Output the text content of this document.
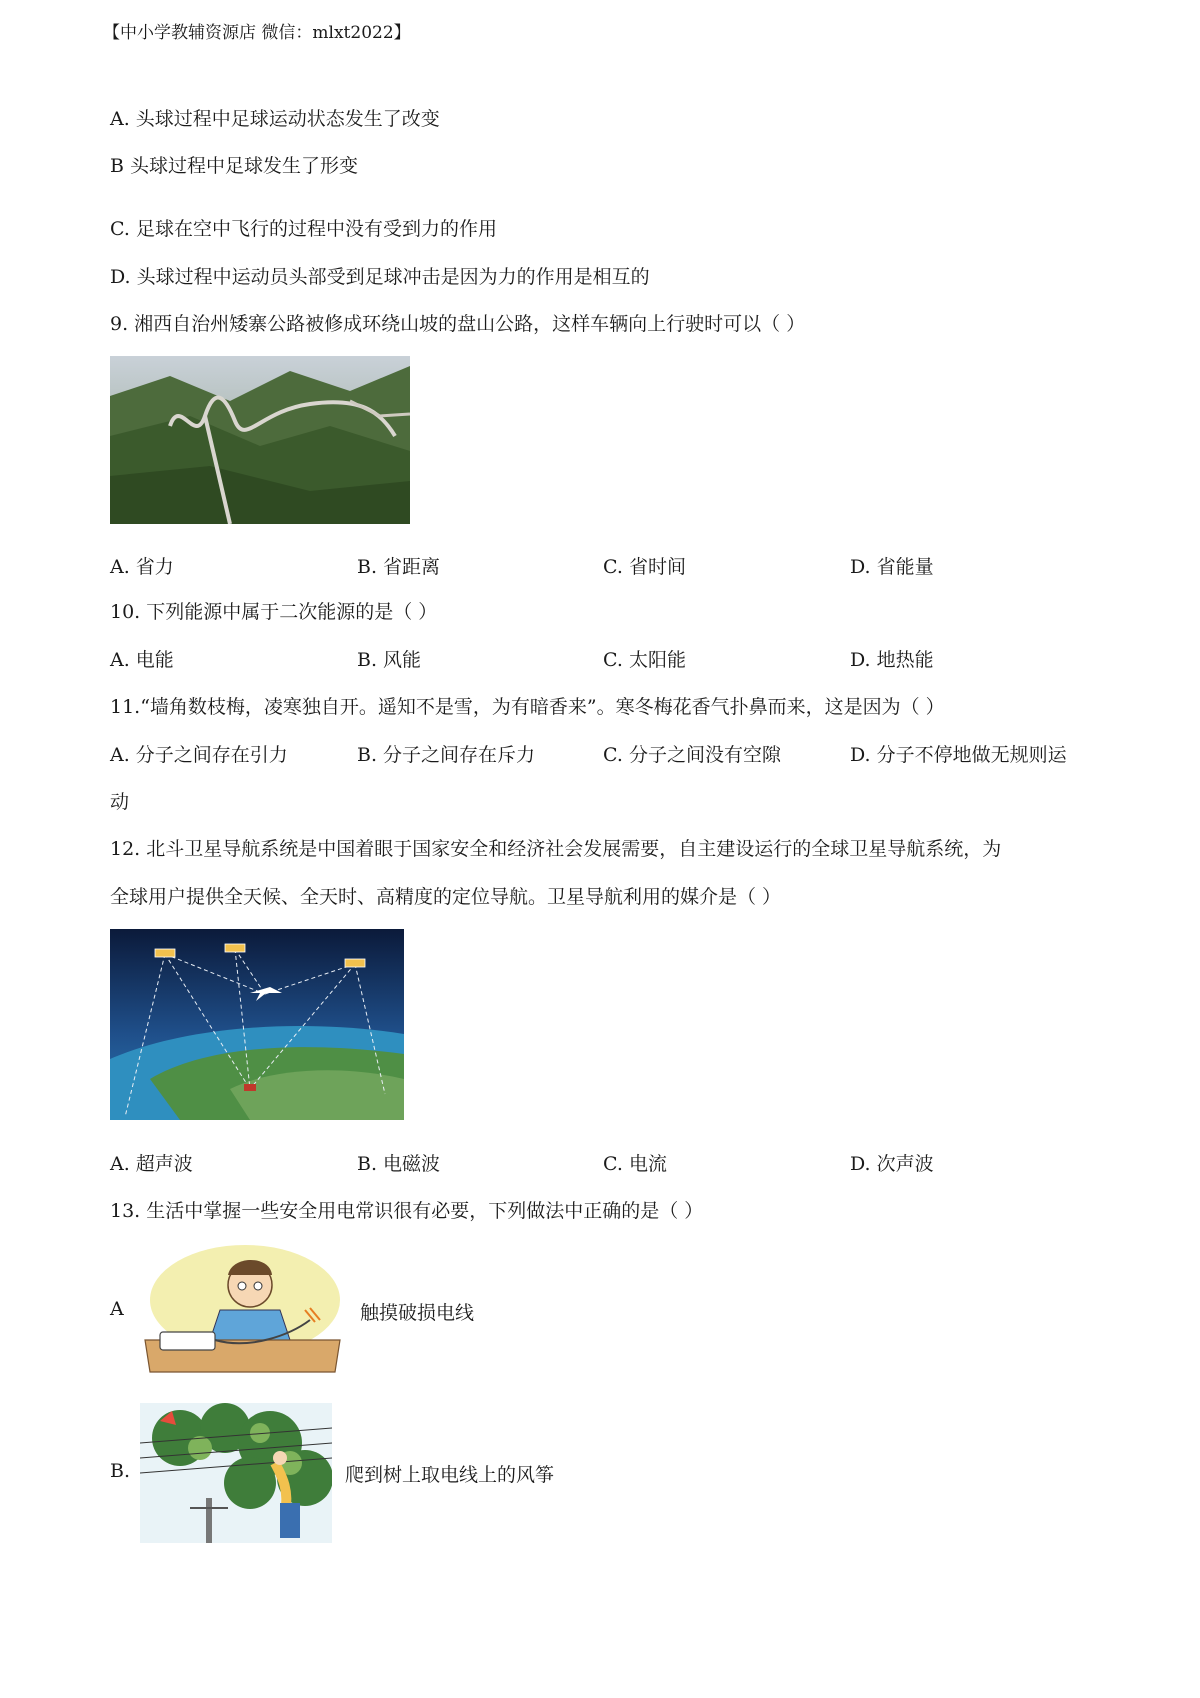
【中小学教辅资源店 微信：mlxt2022】
A. 头球过程中足球运动状态发生了改变
B 头球过程中足球发生了形变
C. 足球在空中飞行的过程中没有受到力的作用
D. 头球过程中运动员头部受到足球冲击是因为力的作用是相互的
9. 湘西自治州矮寨公路被修成环绕山坡的盘山公路，这样车辆向上行驶时可以（ ）
A. 省力	B. 省距离	C. 省时间	D. 省能量
10. 下列能源中属于二次能源的是（ ）
A. 电能	B. 风能	C. 太阳能	D. 地热能
11.“墙角数枝梅，凌寒独自开。遥知不是雪，为有暗香来”。寒冬梅花香气扑鼻而来，这是因为（ ）
A. 分子之间存在引力	B. 分子之间存在斥力	C. 分子之间没有空隙	D. 分子不停地做无规则运
动
12. 北斗卫星导航系统是中国着眼于国家安全和经济社会发展需要，自主建设运行的全球卫星导航系统，为
全球用户提供全天候、全天时、高精度的定位导航。卫星导航利用的媒介是（ ）
A. 超声波	B. 电磁波	C. 电流	D. 次声波
13. 生活中掌握一些安全用电常识很有必要，下列做法中正确的是（ ）
A	触摸破损电线
B.	爬到树上取电线上的风筝
